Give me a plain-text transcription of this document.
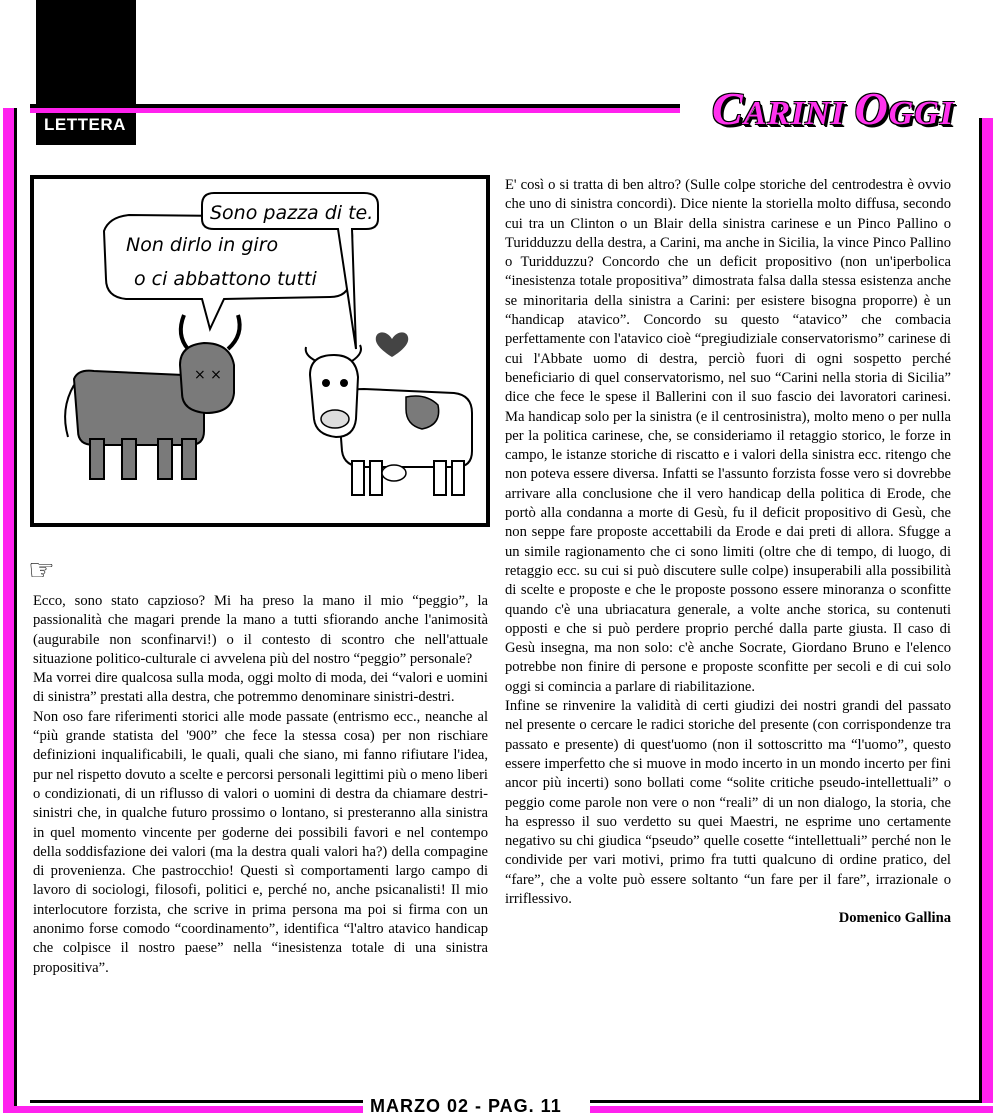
LETTERA	CARINI OGGI
Sono pazza di te.
Non dirlo in giro
o ci abbattono tutti
× ×
☞

Ecco, sono stato capzioso? Mi ha preso la mano il mio “peggio”, la passionalità che magari prende la mano a tutti sfiorando anche l'animosità (augurabile non sconfinarvi!) o il contesto di scontro che nell'attuale situazione politico-culturale ci avvelena più del nostro “peggio” personale?

Ma vorrei dire qualcosa sulla moda, oggi molto di moda, dei “valori e uomini di sinistra” prestati alla destra, che potremmo denominare sinistri-destri.

Non oso fare riferimenti storici alle mode passate (entrismo ecc., neanche al “più grande statista del '900” che fece la stessa cosa) per non rischiare definizioni inqualificabili, le quali, quali che siano, mi fanno rifiutare l'idea, pur nel rispetto dovuto a scelte e percorsi personali legittimi più o meno liberi o condizionati, di un riflusso di valori o uomini di destra da chiamare destri-sinistri che, in qualche futuro prossimo o lontano, si presteranno alla sinistra in quel momento vincente per goderne dei possibili favori e nel contempo della soddisfazione dei valori (ma la destra quali valori ha?) della compagine di provenienza. Che pastrocchio! Questi sì comportamenti largo campo di lavoro di sociologi, filosofi, politici e, perché no, anche psicanalisti! Il mio interlocutore forzista, che scrive in prima persona ma poi si firma con un anonimo forse comodo “coordinamento”, identifica “l'altro atavico handicap che colpisce il nostro paese” nella “inesistenza totale di una sinistra propositiva”.

E' così o si tratta di ben altro? (Sulle colpe storiche del centrodestra è ovvio che uno di sinistra concordi). Dice niente la storiella molto diffusa, secondo cui tra un Clinton o un Blair della sinistra carinese e un Pinco Pallino o Turidduzzu della destra, a Carini, ma anche in Sicilia, la vince Pinco Pallino o Turidduzzu? Concordo che un deficit propositivo (non un'iperbolica “inesistenza totale propositiva” dimostrata falsa dalla stessa esistenza anche se minoritaria della sinistra a Carini: per esistere bisogna proporre) è un “handicap atavico”. Concordo su questo “atavico” che combacia perfettamente con l'atavico cioè “pregiudiziale conservatorismo” carinese di cui l'Abbate uomo di destra, perciò fuori di ogni sospetto perché beneficiario di quel conservatorismo, nel suo “Carini nella storia di Sicilia” dice che fece le spese il Ballerini con il suo fascio dei lavoratori carinesi. Ma handicap solo per la sinistra (e il centrosinistra), molto meno o per nulla per la politica carinese, che, se consideriamo il retaggio storico, le forze in campo, le istanze storiche di riscatto e i valori della sinistra ecc. ritengo che non poteva essere diversa. Infatti se l'assunto forzista fosse vero si dovrebbe arrivare alla conclusione che il vero handicap della politica di Erode, che portò alla condanna a morte di Gesù, fu il deficit propositivo di Gesù, che non seppe fare proposte accettabili da Erode e dai preti di allora. Sfugge a un simile ragionamento che ci sono limiti (oltre che di tempo, di luogo, di retaggio ecc. su cui si può discutere sulle colpe) insuperabili alla possibilità di scelte e proposte e che le proposte possono essere minoranza o sconfitte quando c'è una ubriacatura generale, a volte anche storica, su contenuti opposti e che si può perdere proprio perché dalla parte giusta. Il caso di Gesù insegna, ma non solo: c'è anche Socrate, Giordano Bruno e l'elenco potrebbe non finire di persone e proposte sconfitte per secoli e di cui solo oggi si comincia a parlare di riabilitazione.

Infine se rinvenire la validità di certi giudizi dei nostri grandi del passato nel presente o cercare le radici storiche del presente (con corrispondenze tra passato e presente) di quest'uomo (non il sottoscritto ma “l'uomo”, questo essere imperfetto che si muove in modo incerto in un mondo incerto per fini ancor più incerti) sono bollati come “solite critiche pseudo-intellettuali” o peggio come parole non vere o non “reali” di un non dialogo, la storia, che ha espresso il suo verdetto su quei Maestri, ne esprime uno certamente negativo su chi giudica “pseudo” quelle cosette “intellettuali” perché non le condivide per vari motivi, primo fra tutti qualcuno di ordine pratico, del “fare”, che a volte può essere soltanto “un fare per il fare”, irrazionale o irriflessivo.

Domenico Gallina

MARZO 02 - PAG. 11
